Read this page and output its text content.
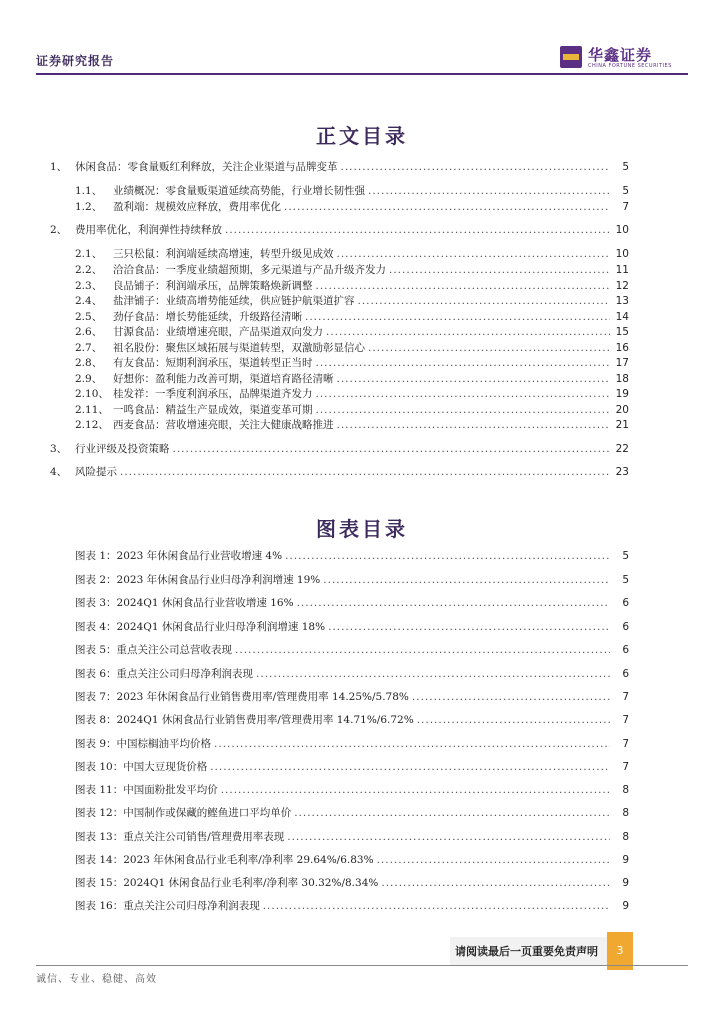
证券研究报告	华鑫证券
CHINA FORTUNE SECURITIES
正文目录
1、 休闲食品：零食量贩红利释放，关注企业渠道与品牌变革 .....	5
1.1、	业绩概况：零食量贩渠道延续高势能，行业增长韧性强 .....	5
1.2、	盈利端：规模效应释放，费用率优化 .....	7
2、 费用率优化，利润弹性持续释放 .....	10
2.1、	三只松鼠：利润端延续高增速，转型升级见成效 .....	10
2.2、	洽洽食品：一季度业绩超预期，多元渠道与产品升级齐发力 .....	11
2.3、	良品铺子：利润端承压，品牌策略焕新调整 .....	12
2.4、	盐津铺子：业绩高增势能延续，供应链护航渠道扩容 .....	13
2.5、	劲仔食品：增长势能延续，升级路径清晰 .....	14
2.6、	甘源食品：业绩增速亮眼，产品渠道双向发力 .....	15
2.7、	祖名股份：聚焦区域拓展与渠道转型，双激励彰显信心 .....	16
2.8、	有友食品：短期利润承压，渠道转型正当时 .....	17
2.9、	好想你：盈利能力改善可期，渠道培育路径清晰 .....	18
2.10、 桂发祥：一季度利润承压，品牌渠道齐发力 .....	19
2.11、 一鸣食品：精益生产显成效，渠道变革可期 .....	20
2.12、 西麦食品：营收增速亮眼，关注大健康战略推进 .....	21
3、 行业评级及投资策略 .....	22
4、 风险提示 .....	23
图表目录
图表 1： 2023 年休闲食品行业营收增速 4% .....	5
图表 2： 2023 年休闲食品行业归母净利润增速 19% .....	5
图表 3： 2024Q1 休闲食品行业营收增速 16% .....	6
图表 4： 2024Q1 休闲食品行业归母净利润增速 18% .....	6
图表 5： 重点关注公司总营收表现 .....	6
图表 6： 重点关注公司归母净利润表现 .....	6
图表 7： 2023 年休闲食品行业销售费用率/管理费用率 14.25%/5.78% .....	7
图表 8： 2024Q1 休闲食品行业销售费用率/管理费用率 14.71%/6.72% .....	7
图表 9： 中国棕榈油平均价格 .....	7
图表 10： 中国大豆现货价格 .....	7
图表 11： 中国面粉批发平均价 .....	8
图表 12： 中国制作或保藏的鲣鱼进口平均单价 .....	8
图表 13： 重点关注公司销售/管理费用率表现 .....	8
图表 14： 2023 年休闲食品行业毛利率/净利率 29.64%/6.83% .....	9
图表 15： 2024Q1 休闲食品行业毛利率/净利率 30.32%/8.34% .....	9
图表 16： 重点关注公司归母净利润表现 .....	9
请阅读最后一页重要免责声明	3
诚信、专业、稳健、高效
